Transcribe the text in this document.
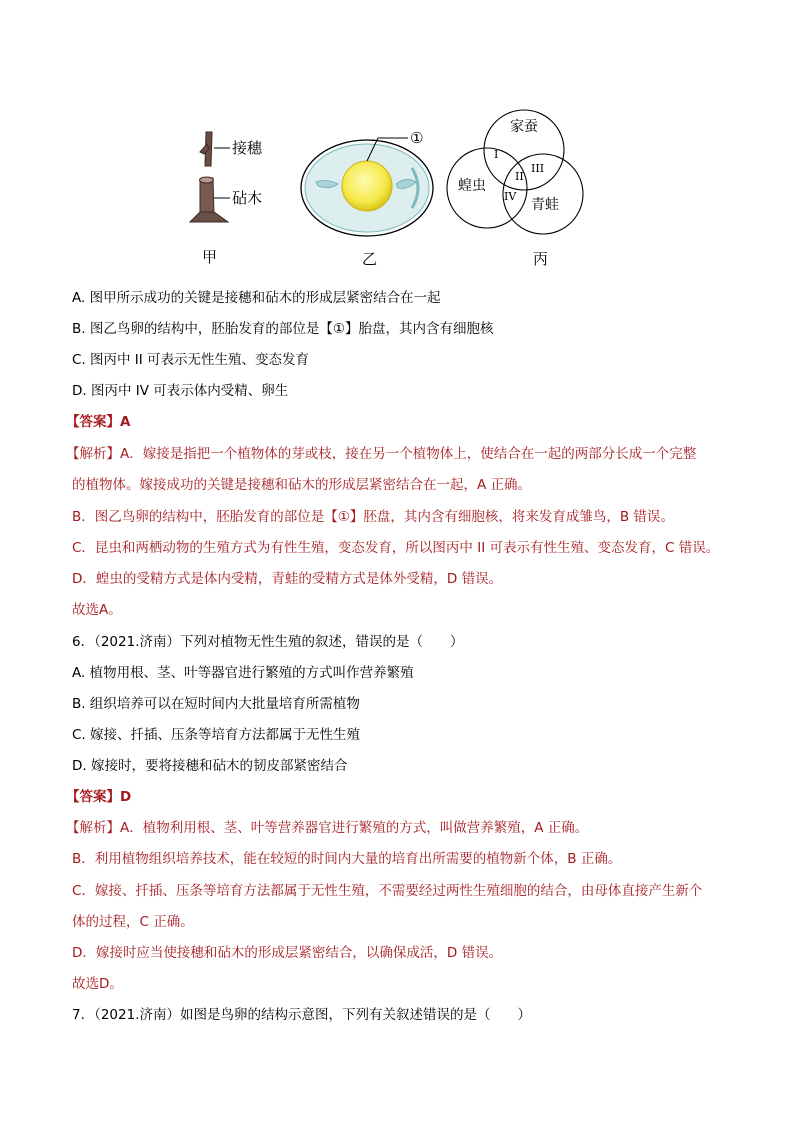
接穗
砧木
甲
①
乙
家蚕
蝗虫
青蛙
I
II
III
IV
丙
A. 图甲所示成功的关键是接穗和砧木的形成层紧密结合在一起
B. 图乙鸟卵的结构中，胚胎发育的部位是【①】胎盘，其内含有细胞核
C. 图丙中 II 可表示无性生殖、变态发育
D. 图丙中 IV 可表示体内受精、卵生
【答案】A
【解析】A．嫁接是指把一个植物体的芽或枝，接在另一个植物体上，使结合在一起的两部分长成一个完整
的植物体。嫁接成功的关键是接穗和砧木的形成层紧密结合在一起，A 正确。
B．图乙鸟卵的结构中，胚胎发育的部位是【①】胚盘，其内含有细胞核，将来发育成雏鸟，B 错误。
C．昆虫和两栖动物的生殖方式为有性生殖，变态发育，所以图丙中 II 可表示有性生殖、变态发育，C 错误。
D．蝗虫的受精方式是体内受精，青蛙的受精方式是体外受精，D 错误。
故选A。
6．（2021.济南）下列对植物无性生殖的叙述，错误的是（　　）
A. 植物用根、茎、叶等器官进行繁殖的方式叫作营养繁殖
B. 组织培养可以在短时间内大批量培育所需植物
C. 嫁接、扦插、压条等培育方法都属于无性生殖
D. 嫁接时，要将接穗和砧木的韧皮部紧密结合
【答案】D
【解析】A．植物利用根、茎、叶等营养器官进行繁殖的方式，叫做营养繁殖，A 正确。
B．利用植物组织培养技术，能在较短的时间内大量的培育出所需要的植物新个体，B 正确。
C．嫁接、扦插、压条等培育方法都属于无性生殖，不需要经过两性生殖细胞的结合，由母体直接产生新个
体的过程，C 正确。
D．嫁接时应当使接穗和砧木的形成层紧密结合，以确保成活，D 错误。
故选D。
7．（2021.济南）如图是鸟卵的结构示意图，下列有关叙述错误的是（　　）
